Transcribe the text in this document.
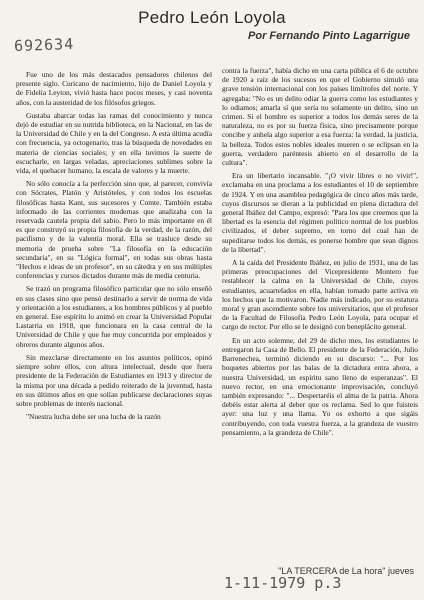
Pedro León Loyola
692634	Por Fernando Pinto Lagarrigue

Fue uno de los más destacados pensadores chilenos del presente siglo. Curicano de nacimiento, hijo de Daniel Loyola y de Fidelia Leyton, vivió hasta hace pocos meses, y casi noventa años, con la austeridad de los filósofos griegos.

Gustaba abarcar todas las ramas del conocimiento y nunca dejó de estudiar en su nutrida biblioteca, en la Nacional, en las de la Universidad de Chile y en la del Congreso. A esta última acudía con frecuencia, ya octogenario, tras la búsqueda de novedades en materia de ciencias sociales; y en ella tuvimos la suerte de escucharle, en largas veladas, apreciaciones sublimes sobre la vida, el quehacer humano, la escala de valores y la muerte.

No sólo conocía a la perfección sino que, al parecer, convivía con Sócrates, Platón y Aristóteles, y con todos los escuelas filosóficas hasta Kant, sus sucesores y Comte. También estaba informado de las corrientes modernas que analizaba con la reservada cautela propia del sabio. Pero lo más importante en él es que construyó su propia filosofía de la verdad, de la razón, del pacifismo y de la valentía moral. Ella se trasluce desde su memoria de prueba sobre "La filosofía en la educación secundaria", en su "Lógica formal", en todas sus obras hasta "Hechos e ideas de un profesor", en su cátedra y en sus múltiples conferencias y cursos dictados durante más de media centuria.

Se trazó un programa filosófico particular que no sólo enseñó en sus clases sino que pensó destinarlo a servir de norma de vida y orientación a los estudiantes, a los hombres públicos y al pueblo en general. Ese espíritu lo animó en crear la Universidad Popular Lastarria en 1918, que funcionara en la casa central de la Universidad de Chile y que fue muy concurrida por empleados y obreros durante algunos años.

Sin mezclarse directamente en los asuntos políticos, opinó siempre sobre ellos, con altura intelectual, desde que fuera presidente de la Federación de Estudiantes en 1913 y director de la misma por una década a pedido reiterado de la juventud, hasta en sus últimos años en que solían publicarse declaraciones suyas sobre problemas de interés nacional.

"Nuestra lucha debe ser una lucha de la razón

contra la fuerza", había dicho en una carta pública el 6 de octubre de 1920 a raíz de los sucesos en que el Gobierno simuló una grave tensión internacional con los países limítrofes del norte. Y agregaba: "No es un delito odiar la guerra como los estudiantes y lo odiamos; amarla sí que sería no solamente un delito, sino un crimen. Si el hombre es superior a todos los demás seres de la naturaleza, no es por su fuerza física, sino precisamente porque concibe y anhela algo superior a esa fuerza: la verdad, la justicia, la belleza. Todos estos nobles ideales mueren o se eclipsan en la guerra, verdadero paréntesis abierto en el desarrollo de la cultura".

Era un libertario incansable. "¡O vivir libres o no vivir!", exclamaba en una proclama a los estudiantes el 10 de septiembre de 1924. Y en una asamblea pedagógica de cinco años más tarde, cuyos discursos se dieran a la publicidad en plena dictadura del general Ibáñez del Campo, expresó: "Para los que creemos que la libertad es la esencia del régimen político normal de los pueblos civilizados, el deber supremo, en torno del cual han de supeditarse todos los demás, es ponerse hombre que sean dignos de la libertad".

A la caída del Presidente Ibáñez, en julio de 1931, una de las primeras preocupaciones del Vicepresidente Montero fue restablecer la calma en la Universidad de Chile, cuyos estudiantes, acuartelados en ella, habían tomado parte activa en los hechos que la motivaron. Nadie más indicado, por su estatura moral y gran ascendiente sobre los universitarios, que el profesor de la Facultad de Filosofía Pedro León Loyola, para ocupar el cargo de rector. Por ello se le designó con beneplácito general.

En un acto solemne, del 29 de dicho mes, los estudiantes le entregaron la Casa de Bello. El presidente de la Federación, Julio Barrenechea, terminó diciendo en su discurso: "... Por los boquetes abiertos por las balas de la dictadura entra ahora, a nuestra Universidad, un espíritu sano lleno de esperanzas". El nuevo rector, en una emocionante improvisación, concluyó también expresando: "... Despertaréis el alma de la patria. Ahora debéis estar alerta al deber que os reclama. Sed lo que fuisteis ayer: una luz y una llama. Yo os exhorto a que sigáis contribuyendo, con toda vuestra fuerza, a la grandeza de vuestro pensamiento, a la grandeza de Chile".

"LA TERCERA de La hora" jueves
1-11-1979 p.3
